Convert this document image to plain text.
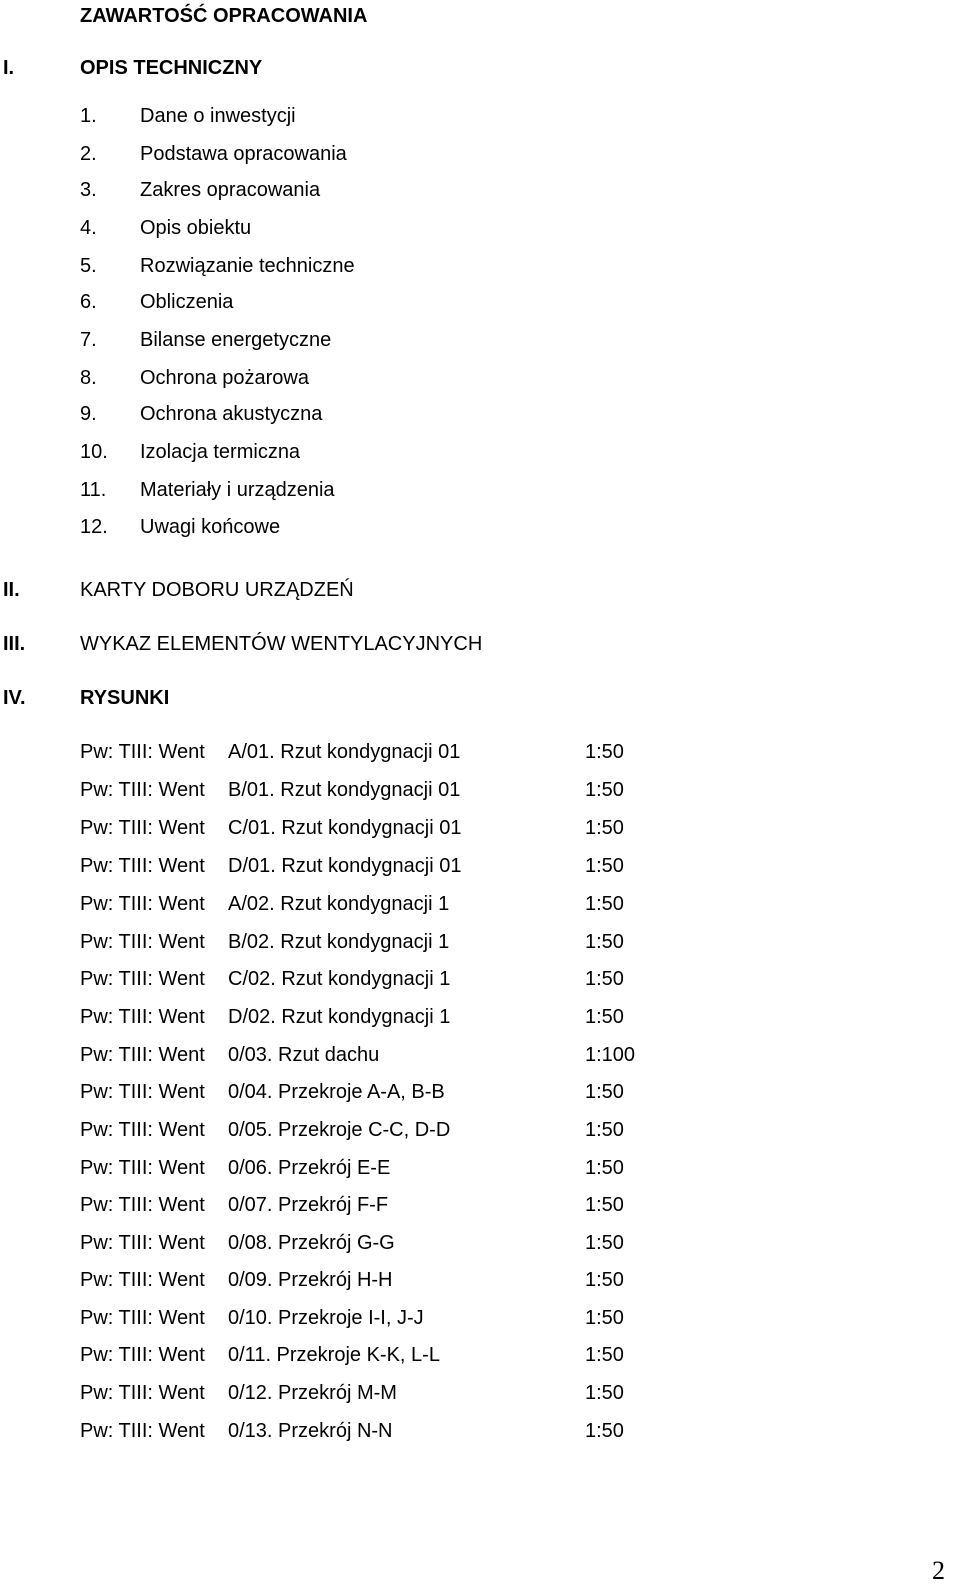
ZAWARTOŚĆ OPRACOWANIA
I.	OPIS TECHNICZNY
1. Dane o inwestycji
2. Podstawa opracowania
3. Zakres opracowania
4. Opis obiektu
5. Rozwiązanie techniczne
6. Obliczenia
7. Bilanse energetyczne
8. Ochrona pożarowa
9. Ochrona akustyczna
10. Izolacja termiczna
11. Materiały i urządzenia
12. Uwagi końcowe
II.	KARTY DOBORU URZĄDZEŃ
III.	WYKAZ ELEMENTÓW WENTYLACYJNYCH
IV.	RYSUNKI
Pw: TIII: Went A/01. Rzut kondygnacji 01	1:50
Pw: TIII: Went B/01. Rzut kondygnacji 01	1:50
Pw: TIII: Went C/01. Rzut kondygnacji 01	1:50
Pw: TIII: Went D/01. Rzut kondygnacji 01	1:50
Pw: TIII: Went A/02. Rzut kondygnacji 1	1:50
Pw: TIII: Went B/02. Rzut kondygnacji 1	1:50
Pw: TIII: Went C/02. Rzut kondygnacji 1	1:50
Pw: TIII: Went D/02. Rzut kondygnacji 1	1:50
Pw: TIII: Went 0/03. Rzut dachu	1:100
Pw: TIII: Went 0/04. Przekroje A-A, B-B	1:50
Pw: TIII: Went 0/05. Przekroje C-C, D-D	1:50
Pw: TIII: Went 0/06. Przekrój E-E	1:50
Pw: TIII: Went 0/07. Przekrój F-F	1:50
Pw: TIII: Went 0/08. Przekrój G-G	1:50
Pw: TIII: Went 0/09. Przekrój H-H	1:50
Pw: TIII: Went 0/10. Przekroje I-I, J-J	1:50
Pw: TIII: Went 0/11. Przekroje K-K, L-L	1:50
Pw: TIII: Went 0/12. Przekrój M-M	1:50
Pw: TIII: Went 0/13. Przekrój N-N	1:50
2
